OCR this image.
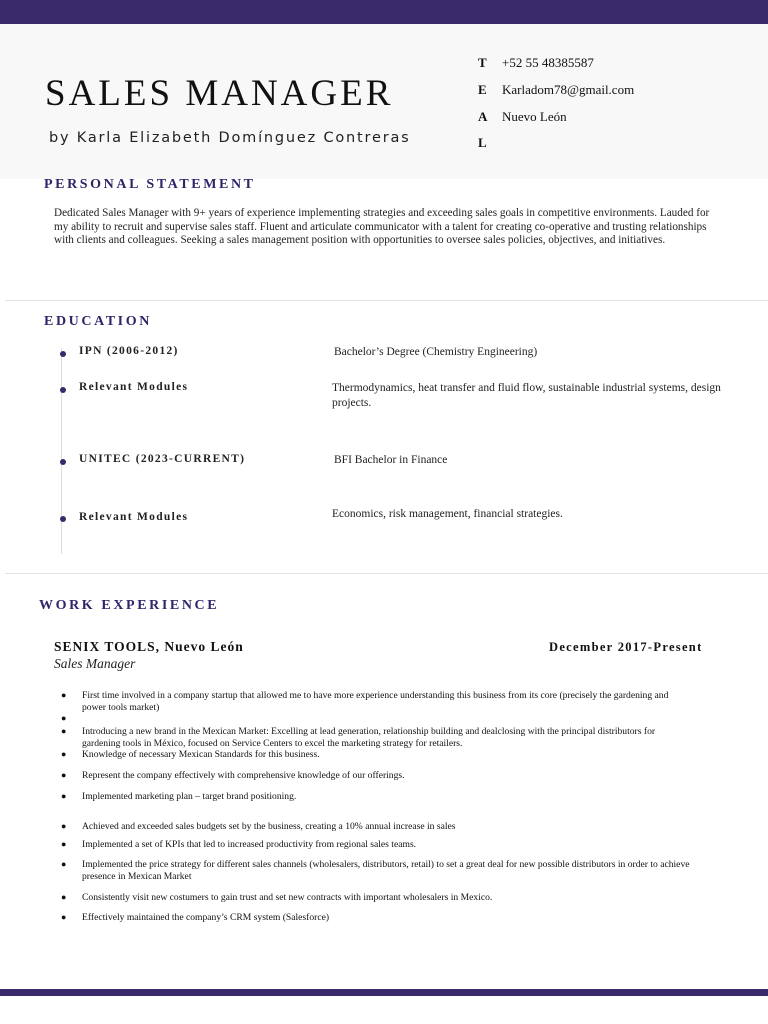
SALES MANAGER
by Karla Elizabeth Domínguez Contreras
T +52 55 48385587
E Karladom78@gmail.com
A Nuevo León
L
PERSONAL STATEMENT
Dedicated Sales Manager with 9+ years of experience implementing strategies and exceeding sales goals in competitive environments. Lauded for my ability to recruit and supervise sales staff. Fluent and articulate communicator with a talent for creating co-operative and trusting relationships with clients and colleagues. Seeking a sales management position with opportunities to oversee sales policies, objectives, and initiatives.
EDUCATION
IPN (2006-2012)	Bachelor’s Degree (Chemistry Engineering)
Relevant Modules	Thermodynamics, heat transfer and fluid flow, sustainable industrial systems, design projects.
UNITEC (2023-CURRENT)	BFI Bachelor in Finance
Relevant Modules	Economics, risk management, financial strategies.
WORK EXPERIENCE
SENIX TOOLS, Nuevo León	December 2017-Present
Sales Manager
● First time involved in a company startup that allowed me to have more experience understanding this business from its core (precisely the gardening and power tools market)
●
● Introducing a new brand in the Mexican Market: Excelling at lead generation, relationship building and dealclosing with the principal distributors for gardening tools in México, focused on Service Centers to excel the marketing strategy for retailers.
● Knowledge of necessary Mexican Standards for this business.
● Represent the company effectively with comprehensive knowledge of our offerings.
● Implemented marketing plan – target brand positioning.
● Achieved and exceeded sales budgets set by the business, creating a 10% annual increase in sales
● Implemented a set of KPIs that led to increased productivity from regional sales teams.
● Implemented the price strategy for different sales channels (wholesalers, distributors, retail) to set a great deal for new possible distributors in order to achieve presence in Mexican Market
● Consistently visit new costumers to gain trust and set new contracts with important wholesalers in Mexico.
● Effectively maintained the company’s CRM system (Salesforce)
